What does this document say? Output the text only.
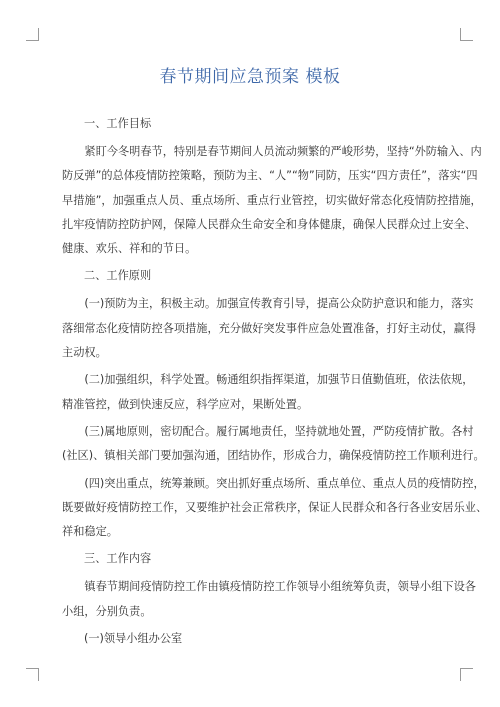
春节期间应急预案 模板
一、工作目标
　　紧盯今冬明春节，特别是春节期间人员流动频繁的严峻形势，坚持“外防输入、内
防反弹”的总体疫情防控策略，预防为主、“人”“物”同防，压实“四方责任”，落实“四
早措施”，加强重点人员、重点场所、重点行业管控，切实做好常态化疫情防控措施，
扎牢疫情防控防护网，保障人民群众生命安全和身体健康，确保人民群众过上安全、
健康、欢乐、祥和的节日。
二、工作原则
　　(一)预防为主，积极主动。加强宣传教育引导，提高公众防护意识和能力，落实
落细常态化疫情防控各项措施，充分做好突发事件应急处置准备，打好主动仗，赢得
主动权。
　　(二)加强组织，科学处置。畅通组织指挥渠道，加强节日值勤值班，依法依规，
精准管控，做到快速反应，科学应对，果断处置。
　　(三)属地原则，密切配合。履行属地责任，坚持就地处置，严防疫情扩散。各村
(社区)、镇相关部门要加强沟通，团结协作，形成合力，确保疫情防控工作顺利进行。
　　(四)突出重点，统筹兼顾。突出抓好重点场所、重点单位、重点人员的疫情防控，
既要做好疫情防控工作，又要维护社会正常秩序，保证人民群众和各行各业安居乐业、
祥和稳定。
三、工作内容
　　镇春节期间疫情防控工作由镇疫情防控工作领导小组统筹负责，领导小组下设各
小组，分别负责。
(一)领导小组办公室
